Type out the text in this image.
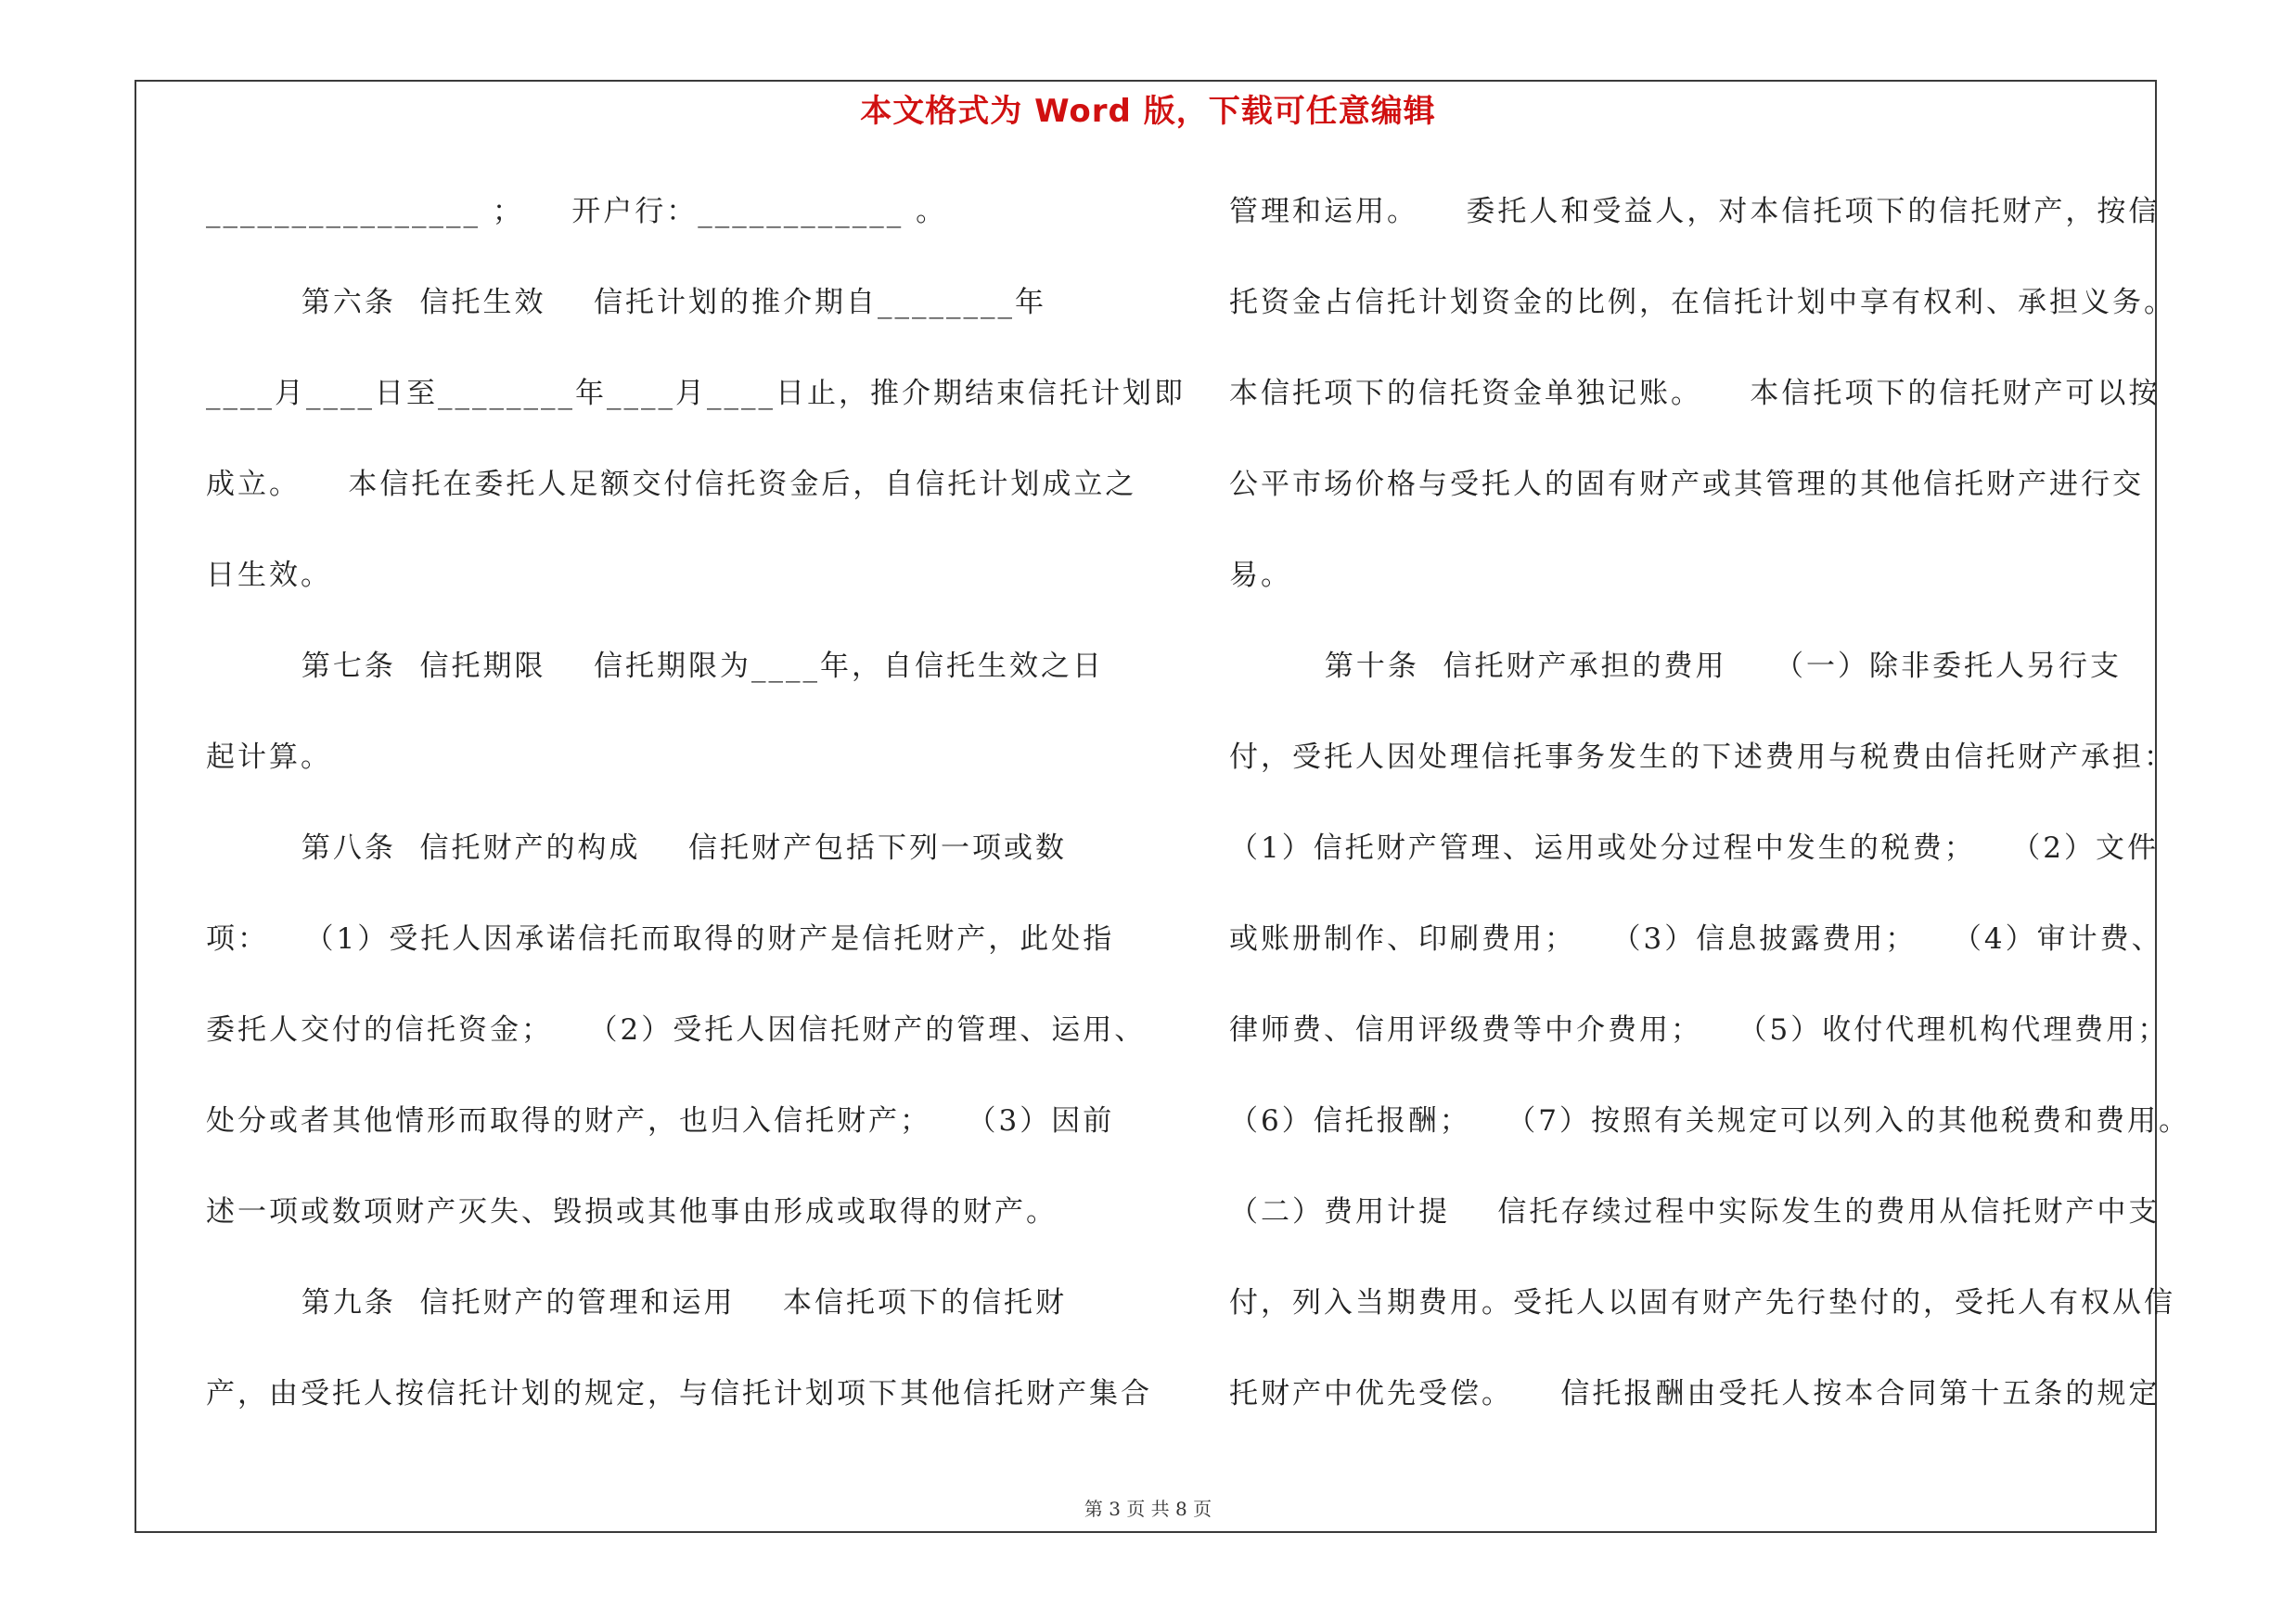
本文格式为 Word 版，下载可任意编辑
________________ ；    开户行：____________ 。
第六条  信托生效    信托计划的推介期自________年
____月____日至________年____月____日止，推介期结束信托计划即
成立。    本信托在委托人足额交付信托资金后，自信托计划成立之
日生效。
第七条  信托期限    信托期限为____年，自信托生效之日
起计算。
第八条  信托财产的构成    信托财产包括下列一项或数
项：   （1）受托人因承诺信托而取得的财产是信托财产，此处指
委托人交付的信托资金；   （2）受托人因信托财产的管理、运用、
处分或者其他情形而取得的财产，也归入信托财产；   （3）因前
述一项或数项财产灭失、毁损或其他事由形成或取得的财产。
第九条  信托财产的管理和运用    本信托项下的信托财
产，由受托人按信托计划的规定，与信托计划项下其他信托财产集合
管理和运用。    委托人和受益人，对本信托项下的信托财产，按信
托资金占信托计划资金的比例，在信托计划中享有权利、承担义务。
本信托项下的信托资金单独记账。    本信托项下的信托财产可以按
公平市场价格与受托人的固有财产或其管理的其他信托财产进行交
易。
第十条  信托财产承担的费用    （一）除非委托人另行支
付，受托人因处理信托事务发生的下述费用与税费由信托财产承担：
（1）信托财产管理、运用或处分过程中发生的税费；   （2）文件
或账册制作、印刷费用；   （3）信息披露费用；   （4）审计费、
律师费、信用评级费等中介费用；   （5）收付代理机构代理费用；
（6）信托报酬；   （7）按照有关规定可以列入的其他税费和费用。
（二）费用计提    信托存续过程中实际发生的费用从信托财产中支
付，列入当期费用。受托人以固有财产先行垫付的，受托人有权从信
托财产中优先受偿。    信托报酬由受托人按本合同第十五条的规定
第 3 页 共 8 页
